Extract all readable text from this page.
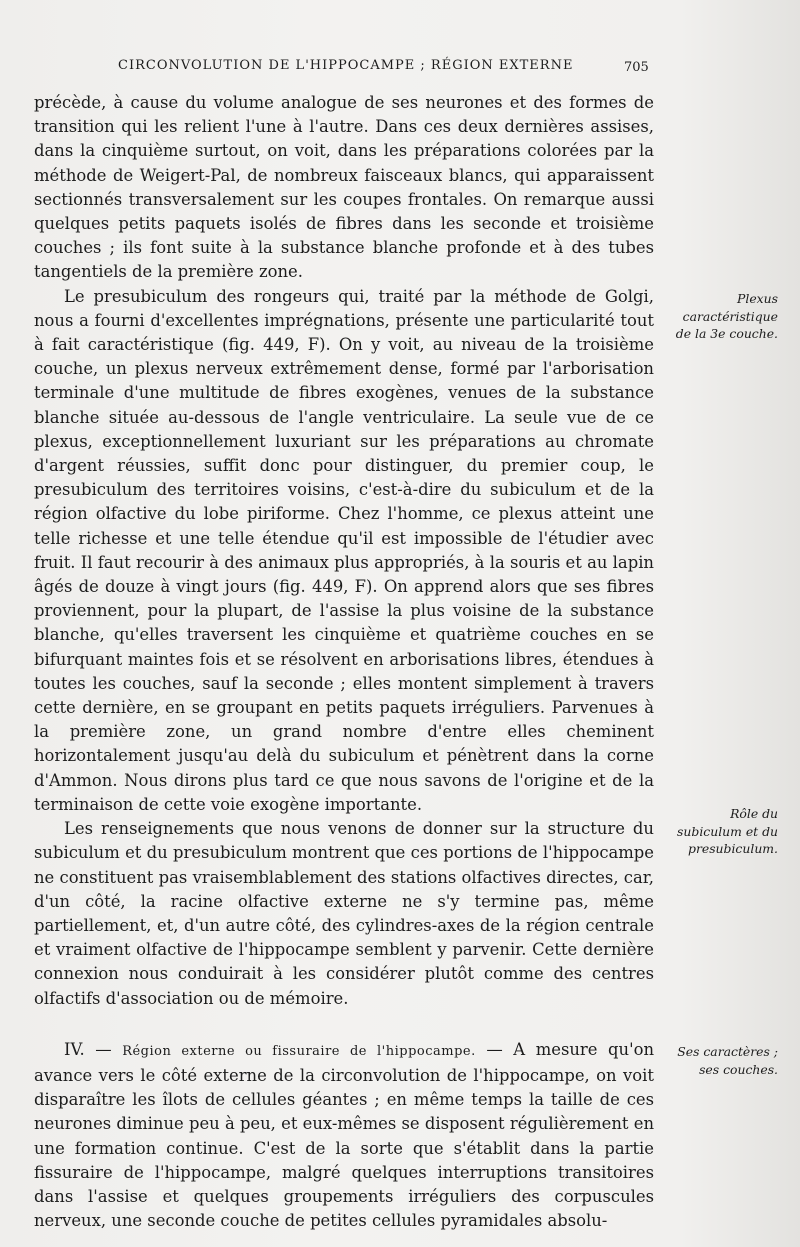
CIRCONVOLUTION DE L'HIPPOCAMPE ; RÉGION EXTERNE	705

précède, à cause du volume analogue de ses neurones et des formes de transition qui les relient l'une à l'autre. Dans ces deux dernières assises, dans la cinquième surtout, on voit, dans les préparations colorées par la méthode de Weigert-Pal, de nombreux faisceaux blancs, qui apparaissent sectionnés transversalement sur les coupes frontales. On remarque aussi quelques petits paquets isolés de fibres dans les seconde et troisième couches ; ils font suite à la substance blanche profonde et à des tubes tangentiels de la première zone.

Le presubiculum des rongeurs qui, traité par la méthode de Golgi, nous a fourni d'excellentes imprégnations, présente une particularité tout à fait caractéristique (fig. 449, F). On y voit, au niveau de la troisième couche, un plexus nerveux extrêmement dense, formé par l'arborisation terminale d'une multitude de fibres exogènes, venues de la substance blanche située au-dessous de l'angle ventriculaire. La seule vue de ce plexus, exceptionnellement luxuriant sur les préparations au chromate d'argent réussies, suffit donc pour distinguer, du premier coup, le presubiculum des territoires voisins, c'est-à-dire du subiculum et de la région olfactive du lobe piriforme. Chez l'homme, ce plexus atteint une telle richesse et une telle étendue qu'il est impossible de l'étudier avec fruit. Il faut recourir à des animaux plus appropriés, à la souris et au lapin âgés de douze à vingt jours (fig. 449, F). On apprend alors que ses fibres proviennent, pour la plupart, de l'assise la plus voisine de la substance blanche, qu'elles traversent les cinquième et quatrième couches en se bifurquant maintes fois et se résolvent en arborisations libres, étendues à toutes les couches, sauf la seconde ; elles montent simplement à travers cette dernière, en se groupant en petits paquets irréguliers. Parvenues à la première zone, un grand nombre d'entre elles cheminent horizontalement jusqu'au delà du subiculum et pénètrent dans la corne d'Ammon. Nous dirons plus tard ce que nous savons de l'origine et de la terminaison de cette voie exogène importante.

Les renseignements que nous venons de donner sur la structure du subiculum et du presubiculum montrent que ces portions de l'hippocampe ne constituent pas vraisemblablement des stations olfactives directes, car, d'un côté, la racine olfactive externe ne s'y termine pas, même partiellement, et, d'un autre côté, des cylindres-axes de la région centrale et vraiment olfactive de l'hippocampe semblent y parvenir. Cette dernière connexion nous conduirait à les considérer plutôt comme des centres olfactifs d'association ou de mémoire.

IV. — Région externe ou fissuraire de l'hippocampe. — A mesure qu'on avance vers le côté externe de la circonvolution de l'hippocampe, on voit disparaître les îlots de cellules géantes ; en même temps la taille de ces neurones diminue peu à peu, et eux-mêmes se disposent régulièrement en une formation continue. C'est de la sorte que s'établit dans la partie fissuraire de l'hippocampe, malgré quelques interruptions transitoires dans l'assise et quelques groupements irréguliers des corpuscules nerveux, une seconde couche de petites cellules pyramidales absolu-

Plexus caractéristique de la 3e couche.
Rôle du subiculum et du presubiculum.
Ses caractères ; ses couches.
